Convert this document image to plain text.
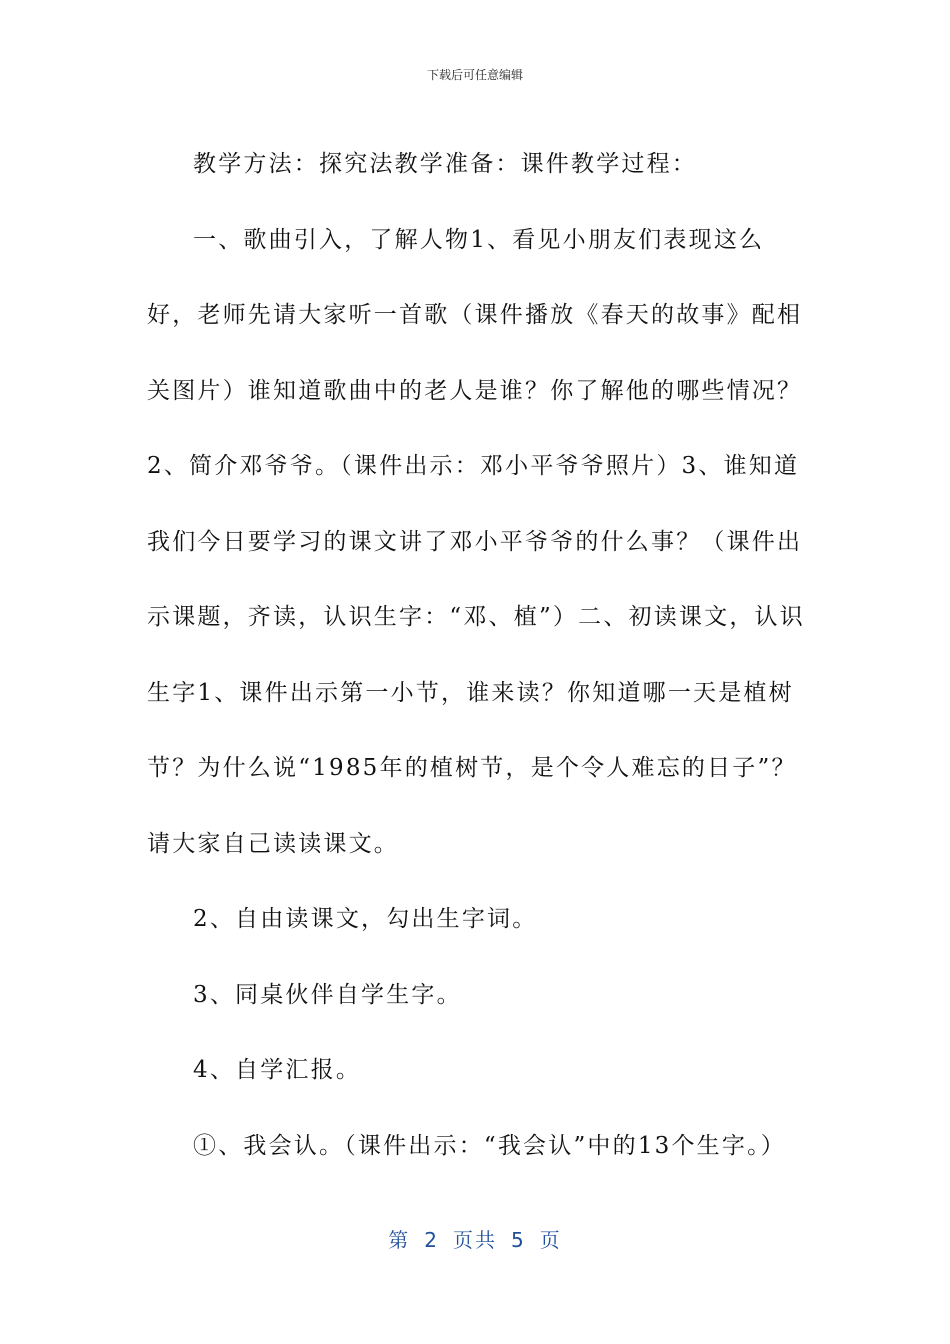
下载后可任意编辑

教学方法：探究法教学准备：课件教学过程：

一、歌曲引入，了解人物1、看见小朋友们表现这么好，老师先请大家听一首歌（课件播放《春天的故事》配相关图片）谁知道歌曲中的老人是谁？你了解他的哪些情况？2、简介邓爷爷。（课件出示：邓小平爷爷照片）3、谁知道我们今日要学习的课文讲了邓小平爷爷的什么事？（课件出示课题，齐读，认识生字：“邓、植”）二、初读课文，认识生字1、课件出示第一小节，谁来读？你知道哪一天是植树节？为什么说“1985年的植树节，是个令人难忘的日子”？请大家自己读读课文。

2、自由读课文，勾出生字词。

3、同桌伙伴自学生字。

4、自学汇报。

①、我会认。（课件出示：“我会认”中的13个生字。）

第 2 页共 5 页
